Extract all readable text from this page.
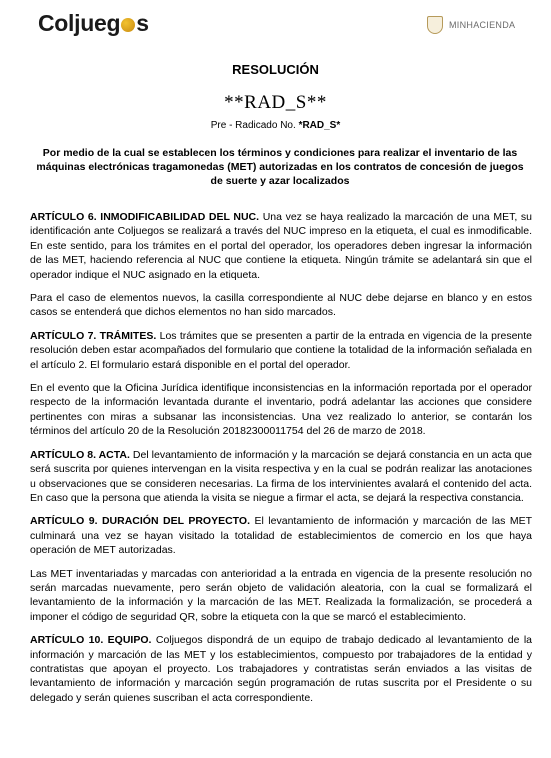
Coljueg s	MINHACIENDA
RESOLUCIÓN
**RAD_S**
Pre - Radicado No. *RAD_S*
Por medio de la cual se establecen los términos y condiciones para realizar el inventario de las máquinas electrónicas tragamonedas (MET) autorizadas en los contratos de concesión de juegos de suerte y azar localizados

ARTÍCULO 6. INMODIFICABILIDAD DEL NUC. Una vez se haya realizado la marcación de una MET, su identificación ante Coljuegos se realizará a través del NUC impreso en la etiqueta, el cual es inmodificable. En este sentido, para los trámites en el portal del operador, los operadores deben ingresar la información de las MET, haciendo referencia al NUC que contiene la etiqueta. Ningún trámite se adelantará sin que el operador indique el NUC asignado en la etiqueta.

Para el caso de elementos nuevos, la casilla correspondiente al NUC debe dejarse en blanco y en estos casos se entenderá que dichos elementos no han sido marcados.

ARTÍCULO 7. TRÁMITES. Los trámites que se presenten a partir de la entrada en vigencia de la presente resolución deben estar acompañados del formulario que contiene la totalidad de la información señalada en el artículo 2. El formulario estará disponible en el portal del operador.

En el evento que la Oficina Jurídica identifique inconsistencias en la información reportada por el operador respecto de la información levantada durante el inventario, podrá adelantar las acciones que considere pertinentes con miras a subsanar las inconsistencias. Una vez realizado lo anterior, se contarán los términos del artículo 20 de la Resolución 20182300011754 del 26 de marzo de 2018.

ARTÍCULO 8. ACTA. Del levantamiento de información y la marcación se dejará constancia en un acta que será suscrita por quienes intervengan en la visita respectiva y en la cual se podrán realizar las anotaciones u observaciones que se consideren necesarias. La firma de los intervinientes avalará el contenido del acta. En caso que la persona que atienda la visita se niegue a firmar el acta, se dejará la respectiva constancia.

ARTÍCULO 9. DURACIÓN DEL PROYECTO. El levantamiento de información y marcación de las MET culminará una vez se hayan visitado la totalidad de establecimientos de comercio en los que haya operación de MET autorizadas.

Las MET inventariadas y marcadas con anterioridad a la entrada en vigencia de la presente resolución no serán marcadas nuevamente, pero serán objeto de validación aleatoria, con la cual se formalizará el levantamiento de la información y la marcación de las MET. Realizada la formalización, se procederá a imponer el código de seguridad QR, sobre la etiqueta con la que se marcó el establecimiento.

ARTÍCULO 10. EQUIPO. Coljuegos dispondrá de un equipo de trabajo dedicado al levantamiento de la información y marcación de las MET y los establecimientos, compuesto por trabajadores de la entidad y contratistas que apoyan el proyecto. Los trabajadores y contratistas serán enviados a las visitas de levantamiento de información y marcación según programación de rutas suscrita por el Presidente o su delegado y serán quienes suscriban el acta correspondiente.
